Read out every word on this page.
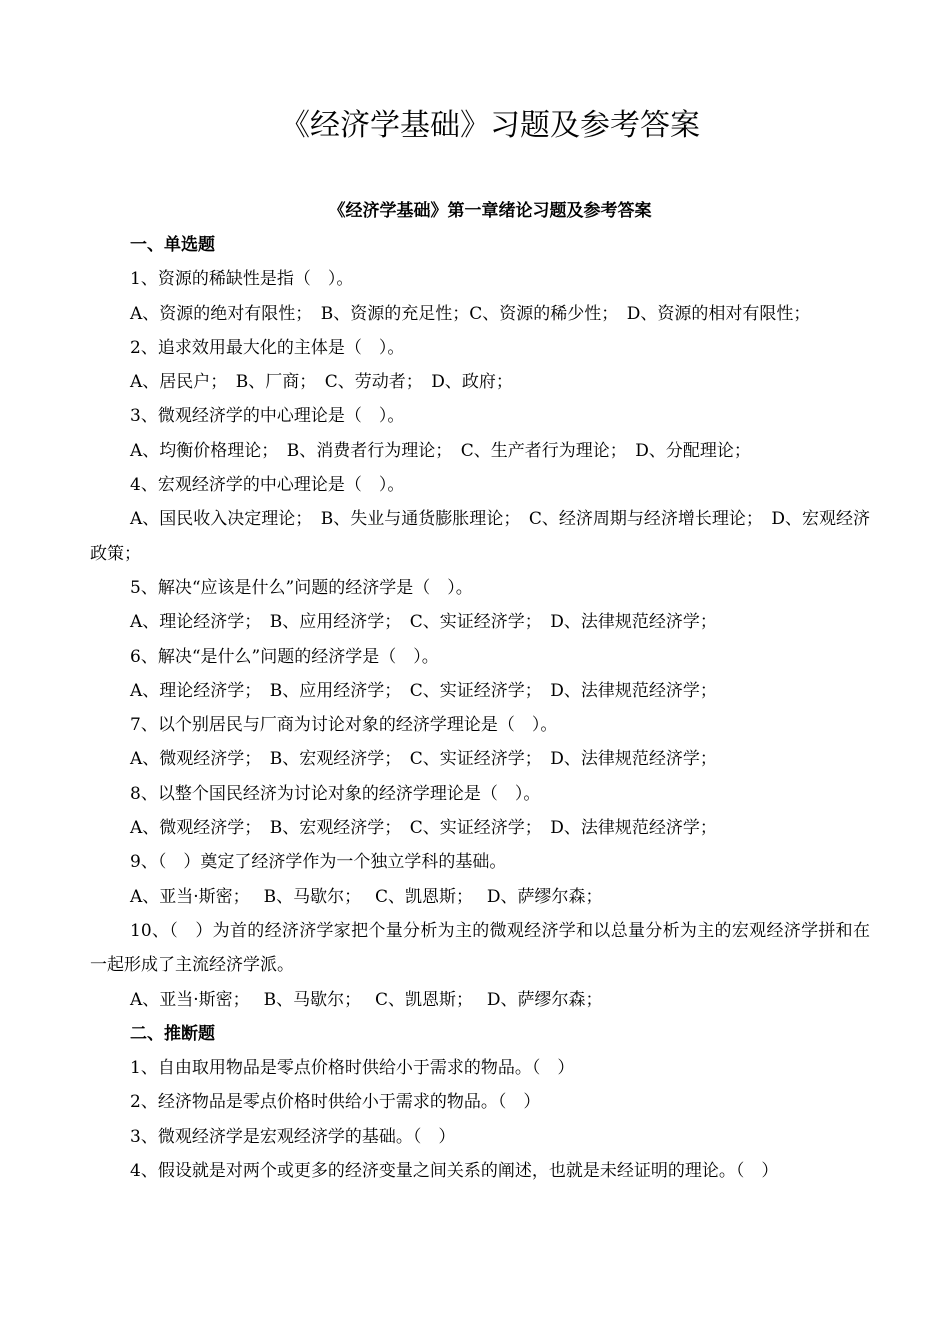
《经济学基础》习题及参考答案
《经济学基础》第一章绪论习题及参考答案

一、单选题

1、资源的稀缺性是指（　）。

A、资源的绝对有限性；　B、资源的充足性；C、资源的稀少性；　D、资源的相对有限性；

2、追求效用最大化的主体是（　）。

A、居民户；　B、厂商；　C、劳动者；　D、政府；

3、微观经济学的中心理论是（　）。

A、均衡价格理论；　B、消费者行为理论；　C、生产者行为理论；　D、分配理论；

4、宏观经济学的中心理论是（　）。

A、国民收入决定理论；　B、失业与通货膨胀理论；　C、经济周期与经济增长理论；　D、宏观经济政策；

5、解决“应该是什么”问题的经济学是（　）。

A、理论经济学；　B、应用经济学；　C、实证经济学；　D、法律规范经济学；

6、解决“是什么”问题的经济学是（　）。

A、理论经济学；　B、应用经济学；　C、实证经济学；　D、法律规范经济学；

7、以个别居民与厂商为讨论对象的经济学理论是（　）。

A、微观经济学；　B、宏观经济学；　C、实证经济学；　D、法律规范经济学；

8、以整个国民经济为讨论对象的经济学理论是（　）。

A、微观经济学；　B、宏观经济学；　C、实证经济学；　D、法律规范经济学；

9、（　）奠定了经济学作为一个独立学科的基础。

A、亚当·斯密；　 B、马歇尔；　 C、凯恩斯；　 D、萨缪尔森；

10、（　）为首的经济济学家把个量分析为主的微观经济学和以总量分析为主的宏观经济学拼和在一起形成了主流经济学派。

A、亚当·斯密；　 B、马歇尔；　 C、凯恩斯；　 D、萨缪尔森；

二、推断题

1、自由取用物品是零点价格时供给小于需求的物品。（　）

2、经济物品是零点价格时供给小于需求的物品。（　）

3、微观经济学是宏观经济学的基础。（　）

4、假设就是对两个或更多的经济变量之间关系的阐述，也就是未经证明的理论。（　）
